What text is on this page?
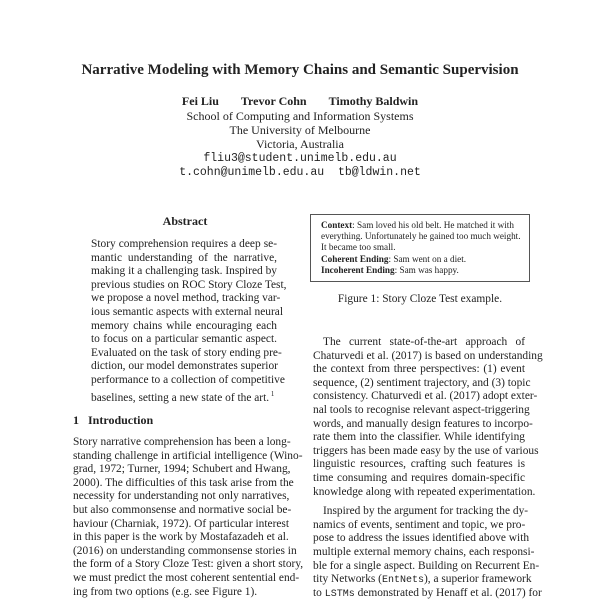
Narrative Modeling with Memory Chains and Semantic Supervision
Fei Liu Trevor Cohn Timothy Baldwin
School of Computing and Information Systems
The University of Melbourne
Victoria, Australia
fliu3@student.unimelb.edu.au
t.cohn@unimelb.edu.au tb@ldwin.net
Abstract
Story comprehension requires a deep se-
mantic understanding of the narrative,
making it a challenging task. Inspired by
previous studies on ROC Story Cloze Test,
we propose a novel method, tracking var-
ious semantic aspects with external neural
memory chains while encouraging each
to focus on a particular semantic aspect.
Evaluated on the task of story ending pre-
diction, our model demonstrates superior
performance to a collection of competitive
baselines, setting a new state of the art. $^1$
1 Introduction
Story narrative comprehension has been a long-
standing challenge in artificial intelligence (Wino-
grad, 1972; Turner, 1994; Schubert and Hwang,
2000). The difficulties of this task arise from the
necessity for understanding not only narratives,
but also commonsense and normative social be-
haviour (Charniak, 1972). Of particular interest
in this paper is the work by Mostafazadeh et al.
(2016) on understanding commonsense stories in
the form of a Story Cloze Test: given a short story,
we must predict the most coherent sentential end-
ing from two options (e.g. see Figure 1).
Context: Sam loved his old belt. He matched it with
everything. Unfortunately he gained too much weight.
It became too small.
Coherent Ending: Sam went on a diet.
Incoherent Ending: Sam was happy.
Figure 1: Story Cloze Test example.
The current state-of-the-art approach of
Chaturvedi et al. (2017) is based on understanding
the context from three perspectives: (1) event
sequence, (2) sentiment trajectory, and (3) topic
consistency. Chaturvedi et al. (2017) adopt exter-
nal tools to recognise relevant aspect-triggering
words, and manually design features to incorpo-
rate them into the classifier. While identifying
triggers has been made easy by the use of various
linguistic resources, crafting such features is
time consuming and requires domain-specific
knowledge along with repeated experimentation.
Inspired by the argument for tracking the dy-
namics of events, sentiment and topic, we pro-
pose to address the issues identified above with
multiple external memory chains, each responsi-
ble for a single aspect. Building on Recurrent En-
tity Networks (EntNets), a superior framework
to LSTMs demonstrated by Henaff et al. (2017) for
